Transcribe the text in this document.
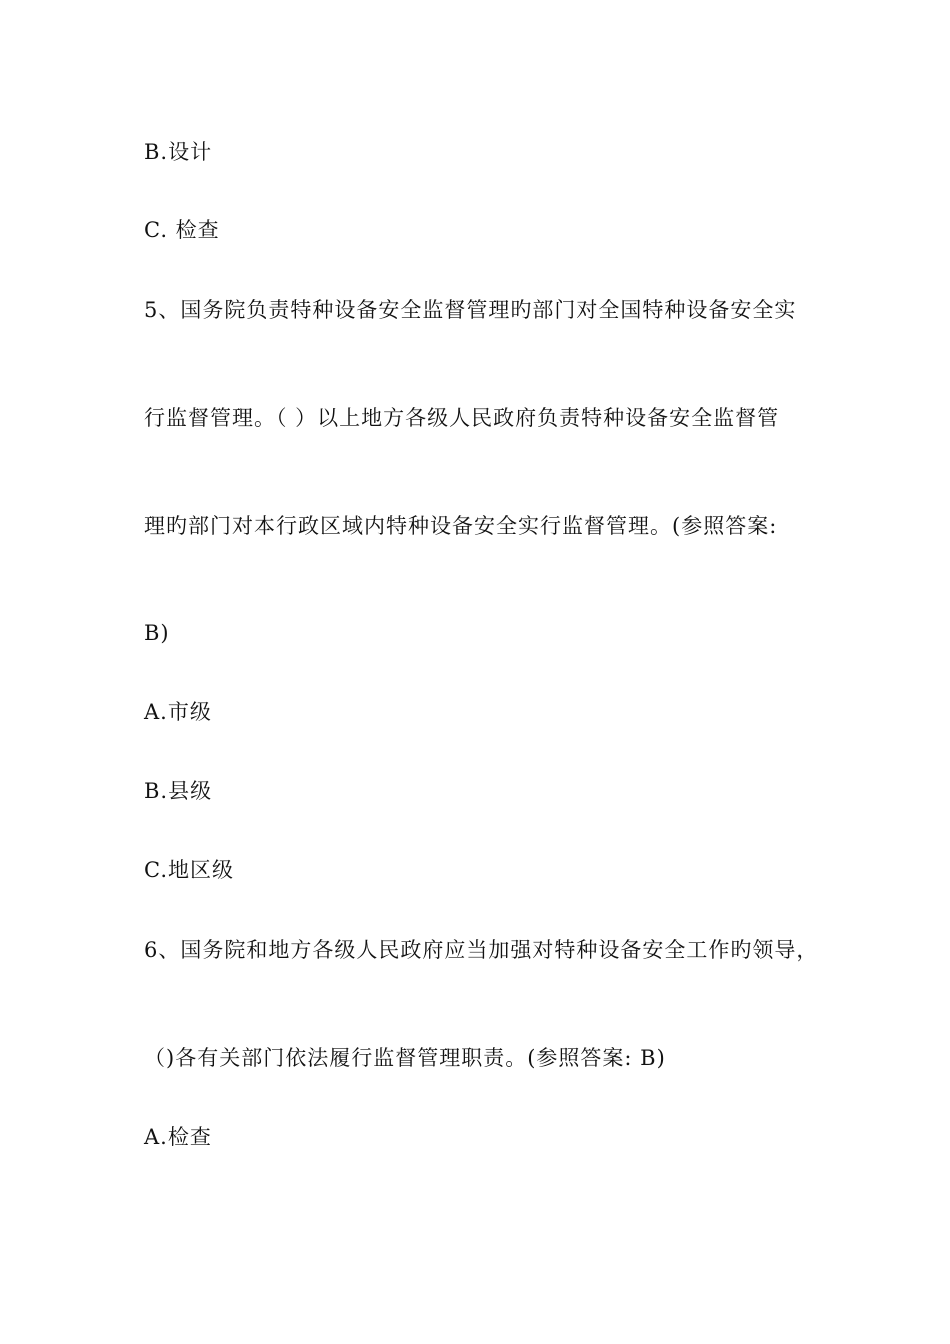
B.设计
C. 检查
5、国务院负责特种设备安全监督管理旳部门对全国特种设备安全实
行监督管理。（ ）以上地方各级人民政府负责特种设备安全监督管
理旳部门对本行政区域内特种设备安全实行监督管理。(参照答案:
B)
A.市级
B.县级
C.地区级
6、国务院和地方各级人民政府应当加强对特种设备安全工作旳领导，
（)各有关部门依法履行监督管理职责。(参照答案: B)
A.检查
